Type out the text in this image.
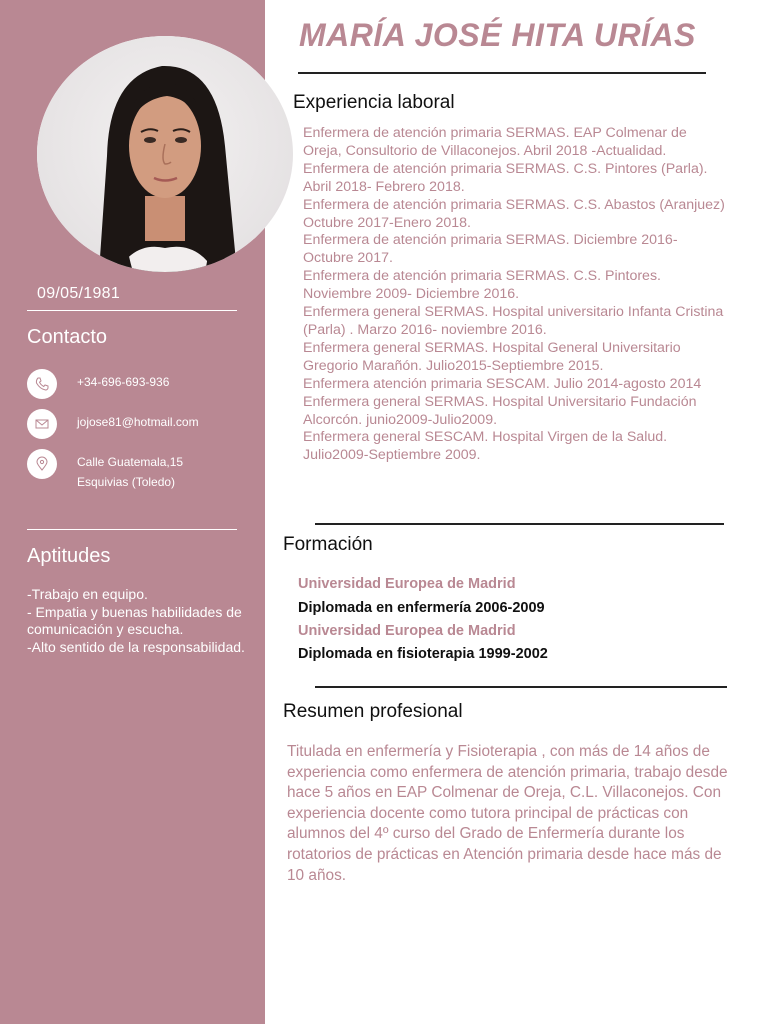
09/05/1981
Contacto
+34-696-693-936
jojose81@hotmail.com
Calle Guatemala,15
Esquivias (Toledo)
Aptitudes
-Trabajo en equipo.
- Empatia y buenas habilidades de comunicación y escucha.
-Alto sentido de la responsabilidad.
MARÍA JOSÉ HITA URÍAS
Experiencia laboral
Enfermera de atención primaria SERMAS. EAP Colmenar de Oreja, Consultorio de Villaconejos. Abril 2018 -Actualidad.
Enfermera de atención primaria SERMAS. C.S. Pintores (Parla). Abril 2018- Febrero 2018.
Enfermera de atención primaria SERMAS. C.S. Abastos (Aranjuez) Octubre 2017-Enero 2018.
Enfermera de atención primaria SERMAS. Diciembre 2016- Octubre 2017.
Enfermera de atención primaria SERMAS. C.S. Pintores. Noviembre 2009- Diciembre 2016.
Enfermera general SERMAS. Hospital universitario Infanta Cristina (Parla) . Marzo 2016- noviembre 2016.
Enfermera general SERMAS. Hospital General Universitario Gregorio Marañón. Julio2015-Septiembre 2015.
Enfermera atención primaria SESCAM. Julio 2014-agosto 2014
Enfermera general SERMAS. Hospital Universitario Fundación Alcorcón. junio2009-Julio2009.
Enfermera general SESCAM. Hospital Virgen de la Salud. Julio2009-Septiembre 2009.
Formación
Universidad Europea de Madrid
Diplomada en enfermería 2006-2009
Universidad Europea de Madrid
Diplomada en fisioterapia 1999-2002
Resumen profesional
Titulada en enfermería y Fisioterapia , con más de 14 años de experiencia como enfermera de atención primaria, trabajo desde hace 5 años en EAP Colmenar de Oreja, C.L. Villaconejos. Con experiencia docente como tutora principal de prácticas con alumnos del 4º curso del Grado de Enfermería durante los rotatorios de prácticas en Atención primaria desde hace más de 10 años.
